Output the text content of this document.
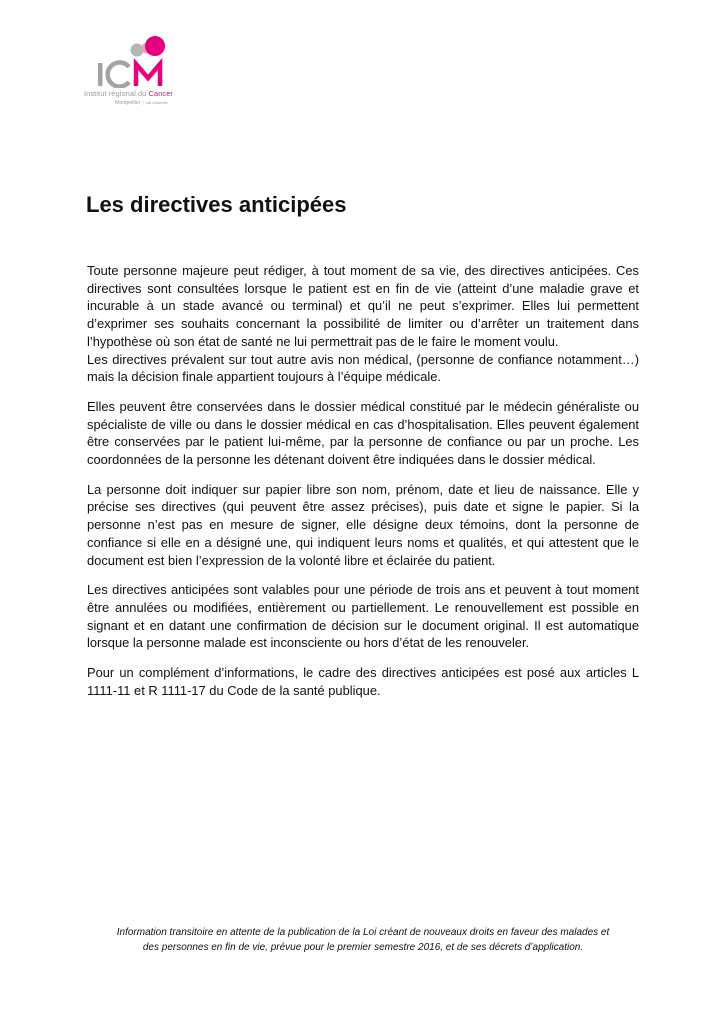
Institut régional du Cancer
Montpellier | Val d'Aurelle
Les directives anticipées

Toute personne majeure peut rédiger, à tout moment de sa vie, des directives anticipées. Ces directives sont consultées lorsque le patient est en fin de vie (atteint d’une maladie grave et incurable à un stade avancé ou terminal) et qu’il ne peut s’exprimer. Elles lui permettent d’exprimer ses souhaits concernant la possibilité de limiter ou d’arrêter un traitement dans l’hypothèse où son état de santé ne lui permettrait pas de le faire le moment voulu.

Les directives prévalent sur tout autre avis non médical, (personne de confiance notamment…) mais la décision finale appartient toujours à l’équipe médicale.

Elles peuvent être conservées dans le dossier médical constitué par le médecin généraliste ou spécialiste de ville ou dans le dossier médical en cas d’hospitalisation. Elles peuvent également être conservées par le patient lui-même, par la personne de confiance ou par un proche. Les coordonnées de la personne les détenant doivent être indiquées dans le dossier médical.

La personne doit indiquer sur papier libre son nom, prénom, date et lieu de naissance. Elle y précise ses directives (qui peuvent être assez précises), puis date et signe le papier. Si la personne n’est pas en mesure de signer, elle désigne deux témoins, dont la personne de confiance si elle en a désigné une, qui indiquent leurs noms et qualités, et qui attestent que le document est bien l’expression de la volonté libre et éclairée du patient.

Les directives anticipées sont valables pour une période de trois ans et peuvent à tout moment être annulées ou modifiées, entièrement ou partiellement. Le renouvellement est possible en signant et en datant une confirmation de décision sur le document original. Il est automatique lorsque la personne malade est inconsciente ou hors d’état de les renouveler.

Pour un complément d’informations, le cadre des directives anticipées est posé aux articles L 1111-11 et R 1111-17 du Code de la santé publique.

Information transitoire en attente de la publication de la Loi créant de nouveaux droits en faveur des malades et
des personnes en fin de vie, prévue pour le premier semestre 2016, et de ses décrets d’application.
